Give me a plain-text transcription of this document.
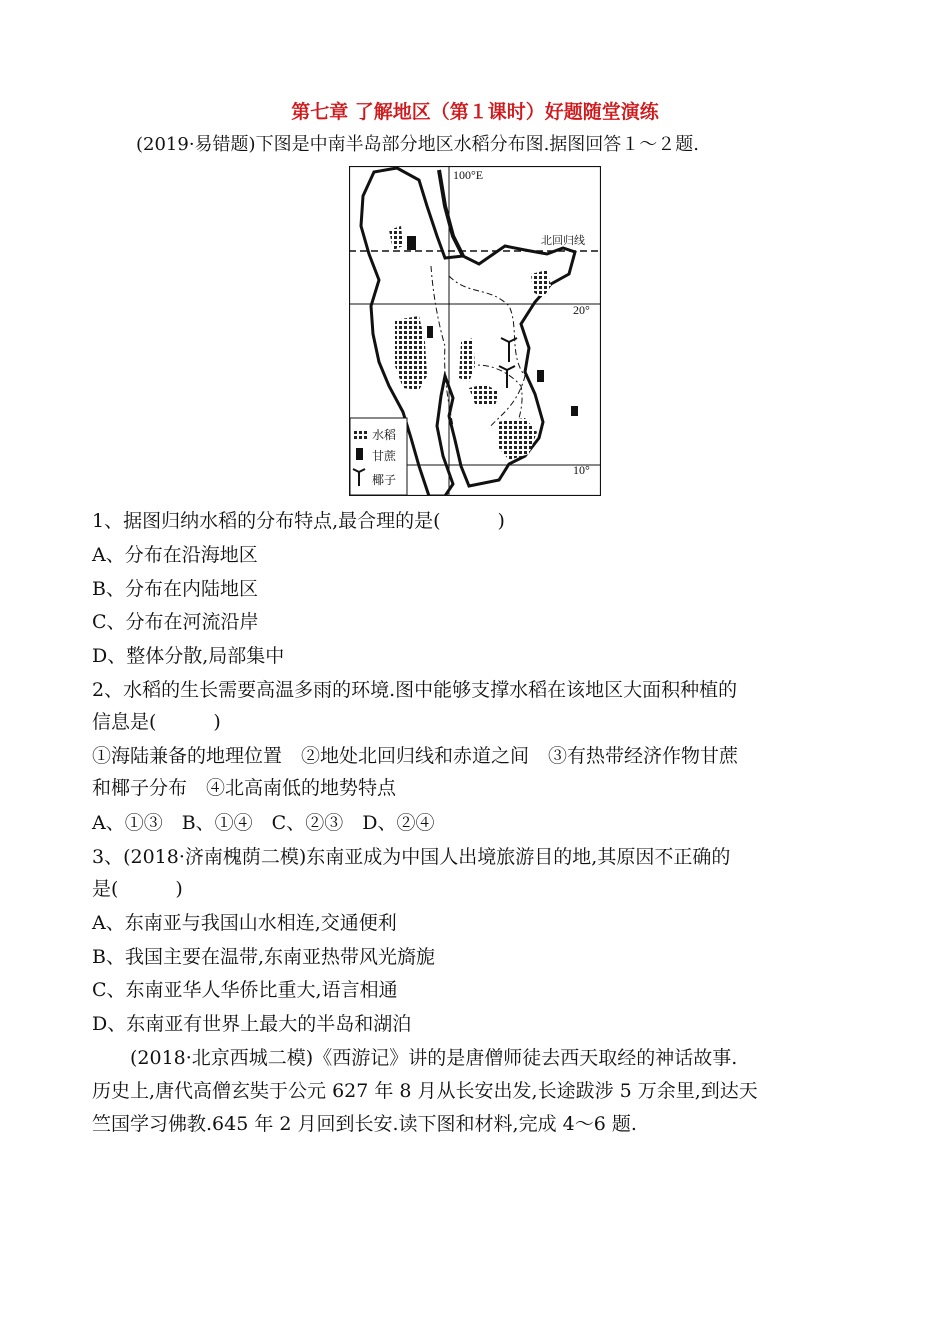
第七章 了解地区（第１课时）好题随堂演练
(2019·易错题)下图是中南半岛部分地区水稻分布图.据图回答１～２题.
100°E
北回归线
20°
10°
水稻
甘蔗
椰子
1、据图归纳水稻的分布特点,最合理的是(　　　)
A、分布在沿海地区
B、分布在内陆地区
C、分布在河流沿岸
D、整体分散,局部集中
2、水稻的生长需要高温多雨的环境.图中能够支撑水稻在该地区大面积种植的
信息是(　　　)
①海陆兼备的地理位置　②地处北回归线和赤道之间　③有热带经济作物甘蔗
和椰子分布　④北高南低的地势特点
A、①③　B、①④　C、②③　D、②④
3、(2018·济南槐荫二模)东南亚成为中国人出境旅游目的地,其原因不正确的
是(　　　)
A、东南亚与我国山水相连,交通便利
B、我国主要在温带,东南亚热带风光旖旎
C、东南亚华人华侨比重大,语言相通
D、东南亚有世界上最大的半岛和湖泊
(2018·北京西城二模)《西游记》讲的是唐僧师徒去西天取经的神话故事.
历史上,唐代高僧玄奘于公元 627 年 8 月从长安出发,长途跋涉 5 万余里,到达天
竺国学习佛教.645 年 2 月回到长安.读下图和材料,完成 4～6 题.
